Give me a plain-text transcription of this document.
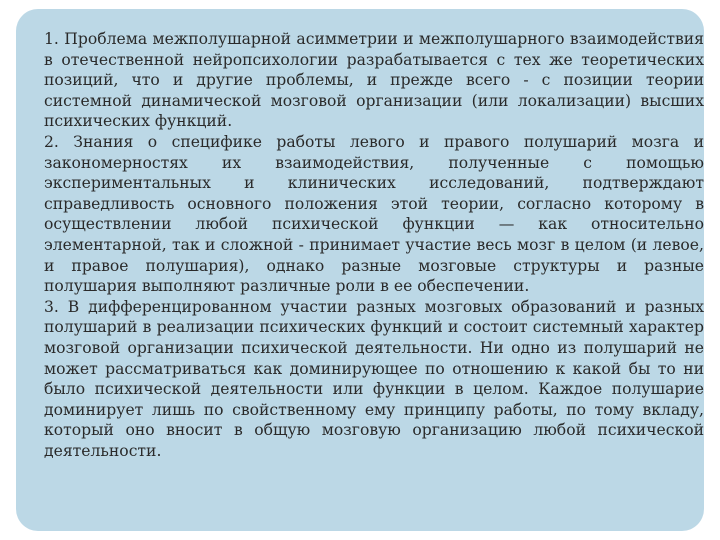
1. Проблема межполушарной асимметрии и межполушарного взаимодействия в отечественной нейропсихологии разрабатывается с тех же теоретических позиций, что и другие проблемы, и прежде всего - с позиции теории системной динамической мозговой организации (или локализации) высших психических функций.

2. Знания о специфике работы левого и правого полушарий мозга и закономерностях их взаимодействия, полученные с помощью экспериментальных и клинических исследований, подтверждают справедливость основного положения этой теории, согласно которому в осуществлении любой психической функции — как относительно элементарной, так и сложной - принимает участие весь мозг в целом (и левое, и правое полушария), однако разные мозговые структуры и разные полушария выполняют различные роли в ее обеспечении.

3. В дифференцированном участии разных мозговых образований и разных полушарий в реализации психических функций и состоит системный характер мозговой организации психической деятельности. Ни одно из полушарий не может рассматриваться как доминирующее по отношению к какой бы то ни было психической деятельности или функции в целом. Каждое полушарие доминирует лишь по свойственному ему принципу работы, по тому вкладу, который оно вносит в общую мозговую организацию любой психической деятельности.
